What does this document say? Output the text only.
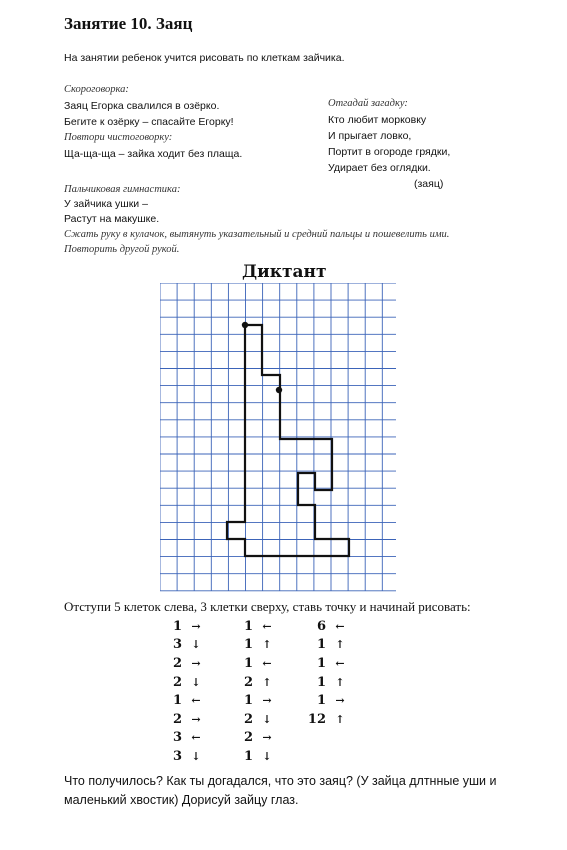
Занятие 10. Заяц
На занятии ребенок учится рисовать по клеткам зайчика.
Скороговорка:
Заяц Егорка свалился в озёрко.
Бегите к озёрку – спасайте Егорку!
Повтори чистоговорку:
Ща-ща-ща – зайка ходит без плаща.
Отгадай загадку:
Кто любит морковку
И прыгает ловко,
Портит в огороде грядки,
Удирает без оглядки.
(заяц)
Пальчиковая гимнастика:
У зайчика ушки –
Растут на макушке.
Сжать руку в кулачок, вытянуть указательный и средний пальцы и пошевелить ими.
Повторить другой рукой.
Диктант
Отступи 5 клеток слева, 3 клетки сверху, ставь точку и начинай рисовать:
1 →
3 ↓
2 →
2 ↓
1 ←
2 →
3 ←
3 ↓
1 ←
1 ↑
1 ←
2 ↑
1 →
2 ↓
2 →
1 ↓
6 ←
1 ↑
1 ←
1 ↑
1 →
12 ↑
Что получилось? Как ты догадался, что это заяц? (У зайца длтнные уши и маленький хвостик) Дорисуй зайцу глаз.
